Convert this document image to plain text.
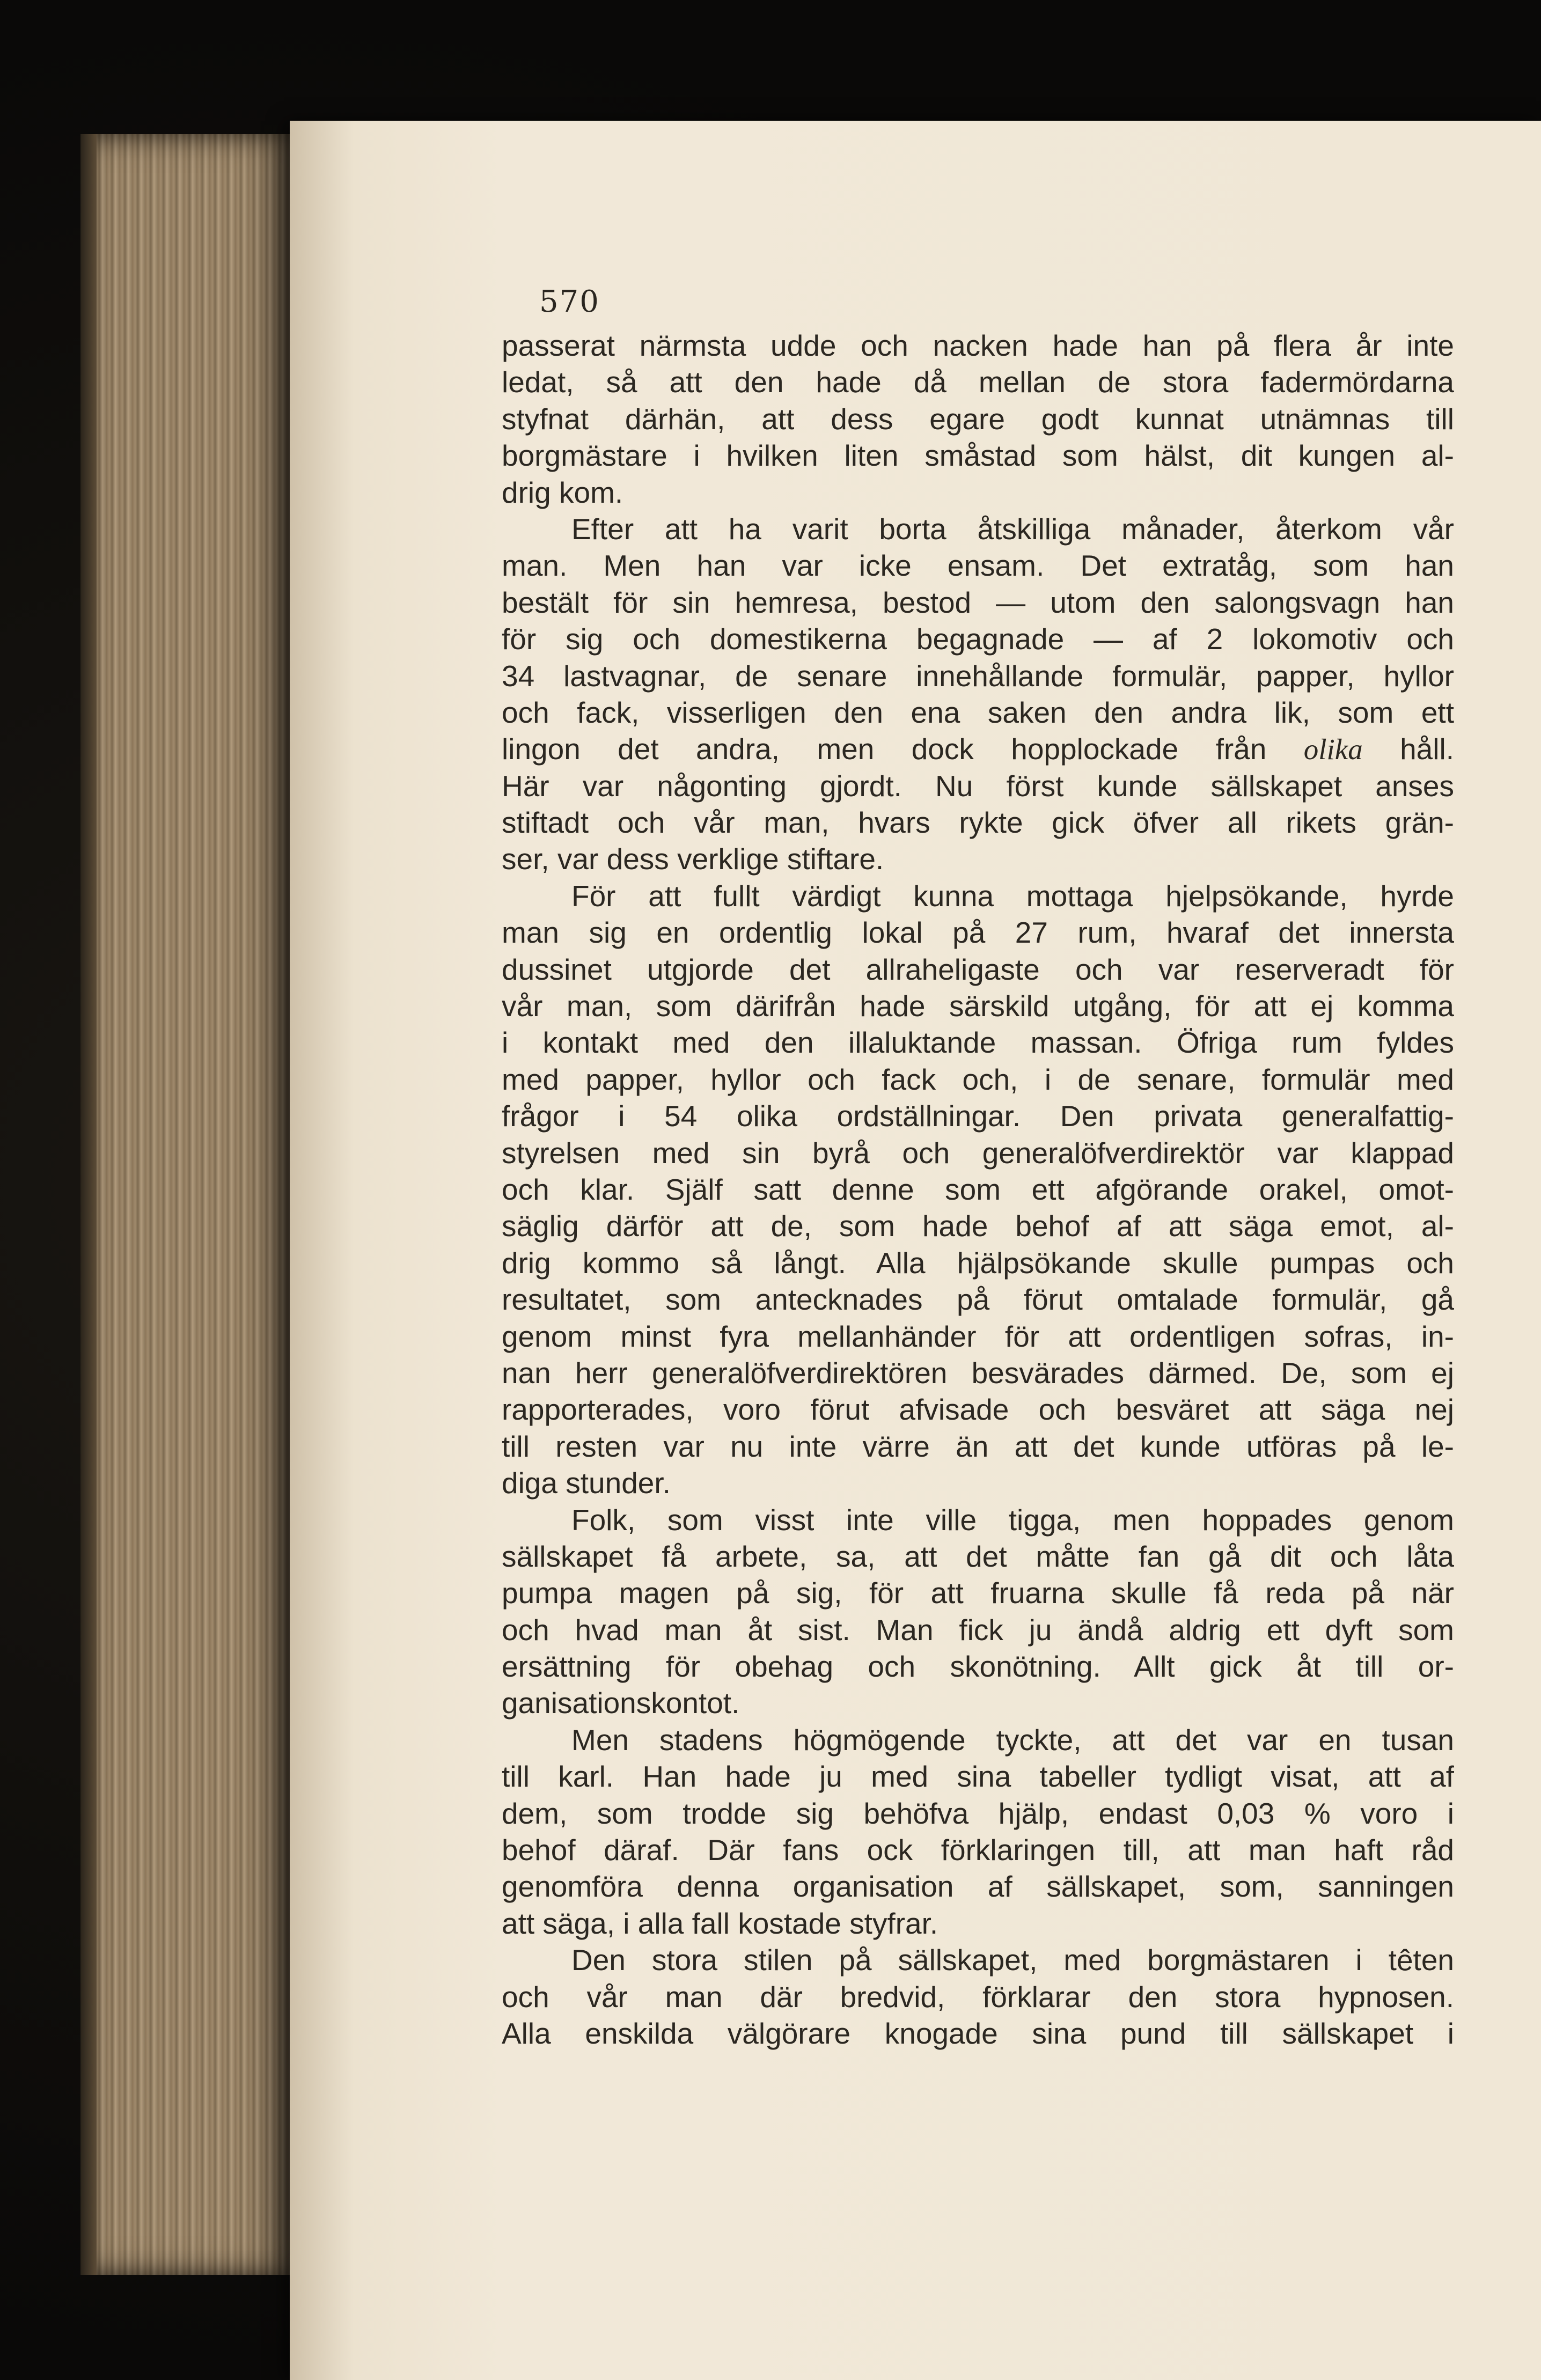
570
passerat närmsta udde och nacken hade han på flera år inte
ledat, så att den hade då mellan de stora fadermördarna
styfnat därhän, att dess egare godt kunnat utnämnas till
borgmästare i hvilken liten småstad som hälst, dit kungen al-
drig kom.
Efter att ha varit borta åtskilliga månader, återkom vår
man. Men han var icke ensam. Det extratåg, som han
bestält för sin hemresa, bestod — utom den salongsvagn han
för sig och domestikerna begagnade — af 2 lokomotiv och
34 lastvagnar, de senare innehållande formulär, papper, hyllor
och fack, visserligen den ena saken den andra lik, som ett
lingon det andra, men dock hopplockade från olika håll.
Här var någonting gjordt. Nu först kunde sällskapet anses
stiftadt och vår man, hvars rykte gick öfver all rikets grän-
ser, var dess verklige stiftare.
För att fullt värdigt kunna mottaga hjelpsökande, hyrde
man sig en ordentlig lokal på 27 rum, hvaraf det innersta
dussinet utgjorde det allraheligaste och var reserveradt för
vår man, som därifrån hade särskild utgång, för att ej komma
i kontakt med den illaluktande massan. Öfriga rum fyldes
med papper, hyllor och fack och, i de senare, formulär med
frågor i 54 olika ordställningar. Den privata generalfattig-
styrelsen med sin byrå och generalöfverdirektör var klappad
och klar. Själf satt denne som ett afgörande orakel, omot-
säglig därför att de, som hade behof af att säga emot, al-
drig kommo så långt. Alla hjälpsökande skulle pumpas och
resultatet, som antecknades på förut omtalade formulär, gå
genom minst fyra mellanhänder för att ordentligen sofras, in-
nan herr generalöfverdirektören besvärades därmed. De, som ej
rapporterades, voro förut afvisade och besväret att säga nej
till resten var nu inte värre än att det kunde utföras på le-
diga stunder.
Folk, som visst inte ville tigga, men hoppades genom
sällskapet få arbete, sa, att det måtte fan gå dit och låta
pumpa magen på sig, för att fruarna skulle få reda på när
och hvad man åt sist. Man fick ju ändå aldrig ett dyft som
ersättning för obehag och skonötning. Allt gick åt till or-
ganisationskontot.
Men stadens högmögende tyckte, att det var en tusan
till karl. Han hade ju med sina tabeller tydligt visat, att af
dem, som trodde sig behöfva hjälp, endast 0,03 % voro i
behof däraf. Där fans ock förklaringen till, att man haft råd
genomföra denna organisation af sällskapet, som, sanningen
att säga, i alla fall kostade styfrar.
Den stora stilen på sällskapet, med borgmästaren i têten
och vår man där bredvid, förklarar den stora hypnosen.
Alla enskilda välgörare knogade sina pund till sällskapet i
